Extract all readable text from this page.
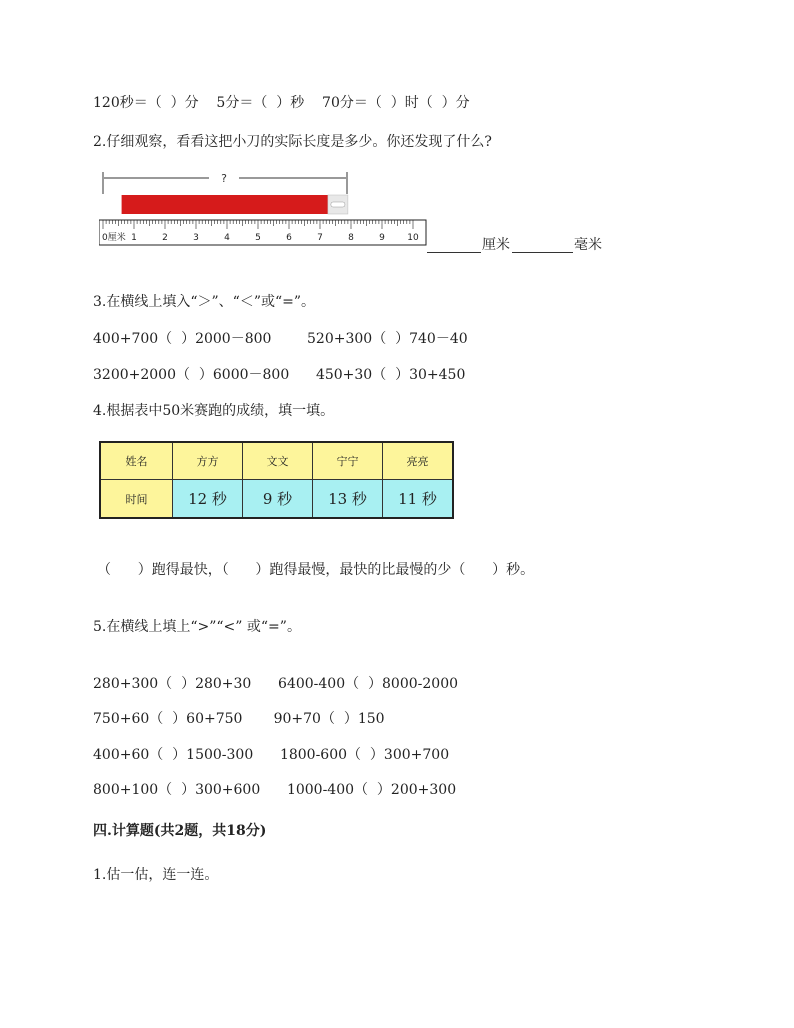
120秒＝（  ）分    5分＝（  ）秒    70分＝（  ）时（  ）分
2.仔细观察，看看这把小刀的实际长度是多少。你还发现了什么?
?
0厘米 1	2	3	4	5	6	7	8	9 10	厘米	毫米
3.在横线上填入“＞”、“＜”或“=”。
400+700（  ）2000－800        520+300（  ）740－40
3200+2000（  ）6000－800      450+30（  ）30+450
4.根据表中50米赛跑的成绩，填一填。
姓名	方方	文文	宁宁	亮亮
时间	12 秒	9 秒	13 秒	11 秒
（      ）跑得最快，（      ）跑得最慢，最快的比最慢的少（      ）秒。
5.在横线上填上“>”“<” 或“=”。
280+300（  ）280+30      6400-400（  ）8000-2000
750+60（  ）60+750       90+70（  ）150
400+60（  ）1500-300      1800-600（  ）300+700
800+100（  ）300+600      1000-400（  ）200+300
四.计算题(共2题，共18分)
1.估一估，连一连。
